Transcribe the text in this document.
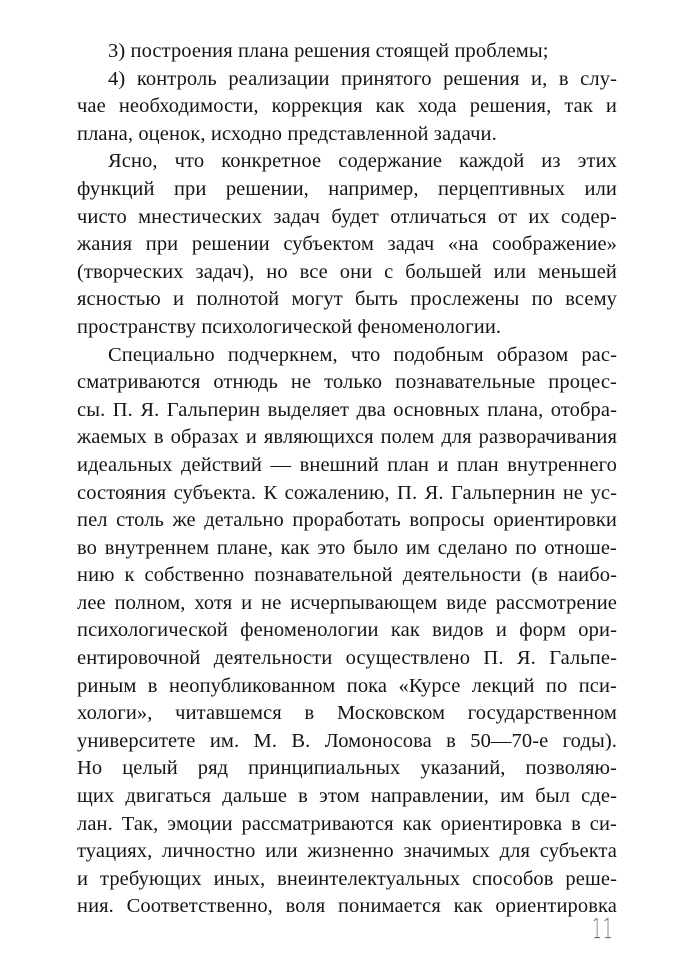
3) построения плана решения стоящей проблемы;
4) контроль реализации принятого решения и, в слу-
чае необходимости, коррекция как хода решения, так и
плана, оценок, исходно представленной задачи.
Ясно, что конкретное содержание каждой из этих
функций при решении, например, перцептивных или
чисто мнестических задач будет отличаться от их содер-
жания при решении субъектом задач «на соображение»
(творческих задач), но все они с большей или меньшей
ясностью и полнотой могут быть прослежены по всему
пространству психологической феноменологии.
Специально подчеркнем, что подобным образом рас-
сматриваются отнюдь не только познавательные процес-
сы. П. Я. Гальперин выделяет два основных плана, отобра-
жаемых в образах и являющихся полем для разворачивания
идеальных действий — внешний план и план внутреннего
состояния субъекта. К сожалению, П. Я. Гальпернин не ус-
пел столь же детально проработать вопросы ориентировки
во внутреннем плане, как это было им сделано по отноше-
нию к собственно познавательной деятельности (в наибо-
лее полном, хотя и не исчерпывающем виде рассмотрение
психологической феноменологии как видов и форм ори-
ентировочной деятельности осуществлено П. Я. Гальпе-
риным в неопубликованном пока «Курсе лекций по пси-
хологи», читавшемся в Московском государственном
университете им. М. В. Ломоносова в 50—70-е годы).
Но целый ряд принципиальных указаний, позволяю-
щих двигаться дальше в этом направлении, им был сде-
лан. Так, эмоции рассматриваются как ориентировка в си-
туациях, личностно или жизненно значимых для субъекта
и требующих иных, внеинтелектуальных способов реше-
ния. Соответственно, воля понимается как ориентировка
11
